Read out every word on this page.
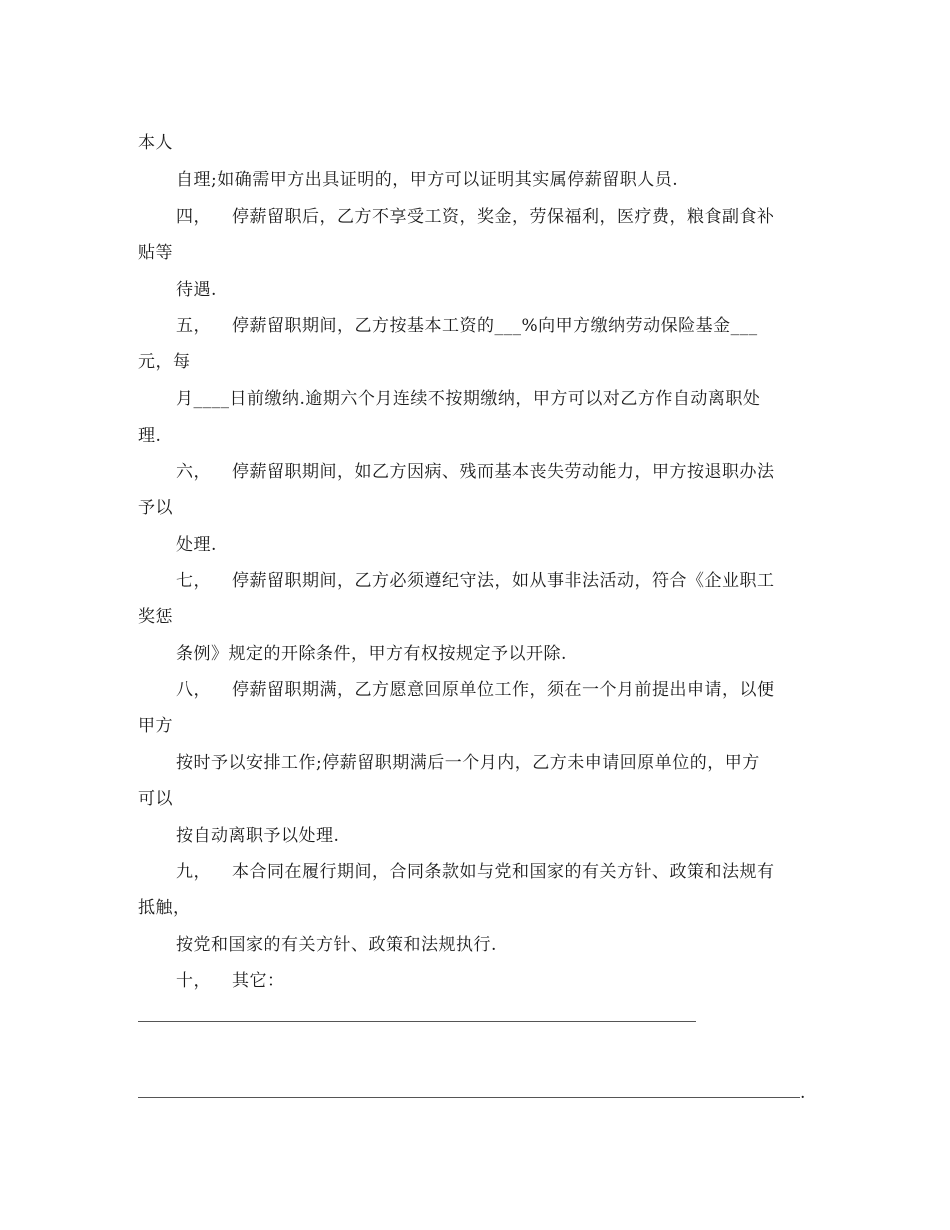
本人
自理;如确需甲方出具证明的，甲方可以证明其实属停薪留职人员.
四， 停薪留职后，乙方不享受工资，奖金，劳保福利，医疗费，粮食副食补
贴等
待遇.
五， 停薪留职期间，乙方按基本工资的___%向甲方缴纳劳动保险基金___
元，每
月____日前缴纳.逾期六个月连续不按期缴纳，甲方可以对乙方作自动离职处
理.
六， 停薪留职期间，如乙方因病、残而基本丧失劳动能力，甲方按退职办法
予以
处理.
七， 停薪留职期间，乙方必须遵纪守法，如从事非法活动，符合《企业职工
奖惩
条例》规定的开除条件，甲方有权按规定予以开除.
八， 停薪留职期满，乙方愿意回原单位工作，须在一个月前提出申请，以便
甲方
按时予以安排工作;停薪留职期满后一个月内，乙方未申请回原单位的，甲方
可以
按自动离职予以处理.
九， 本合同在履行期间，合同条款如与党和国家的有关方针、政策和法规有
抵触，
按党和国家的有关方针、政策和法规执行.
十， 其它：
.
